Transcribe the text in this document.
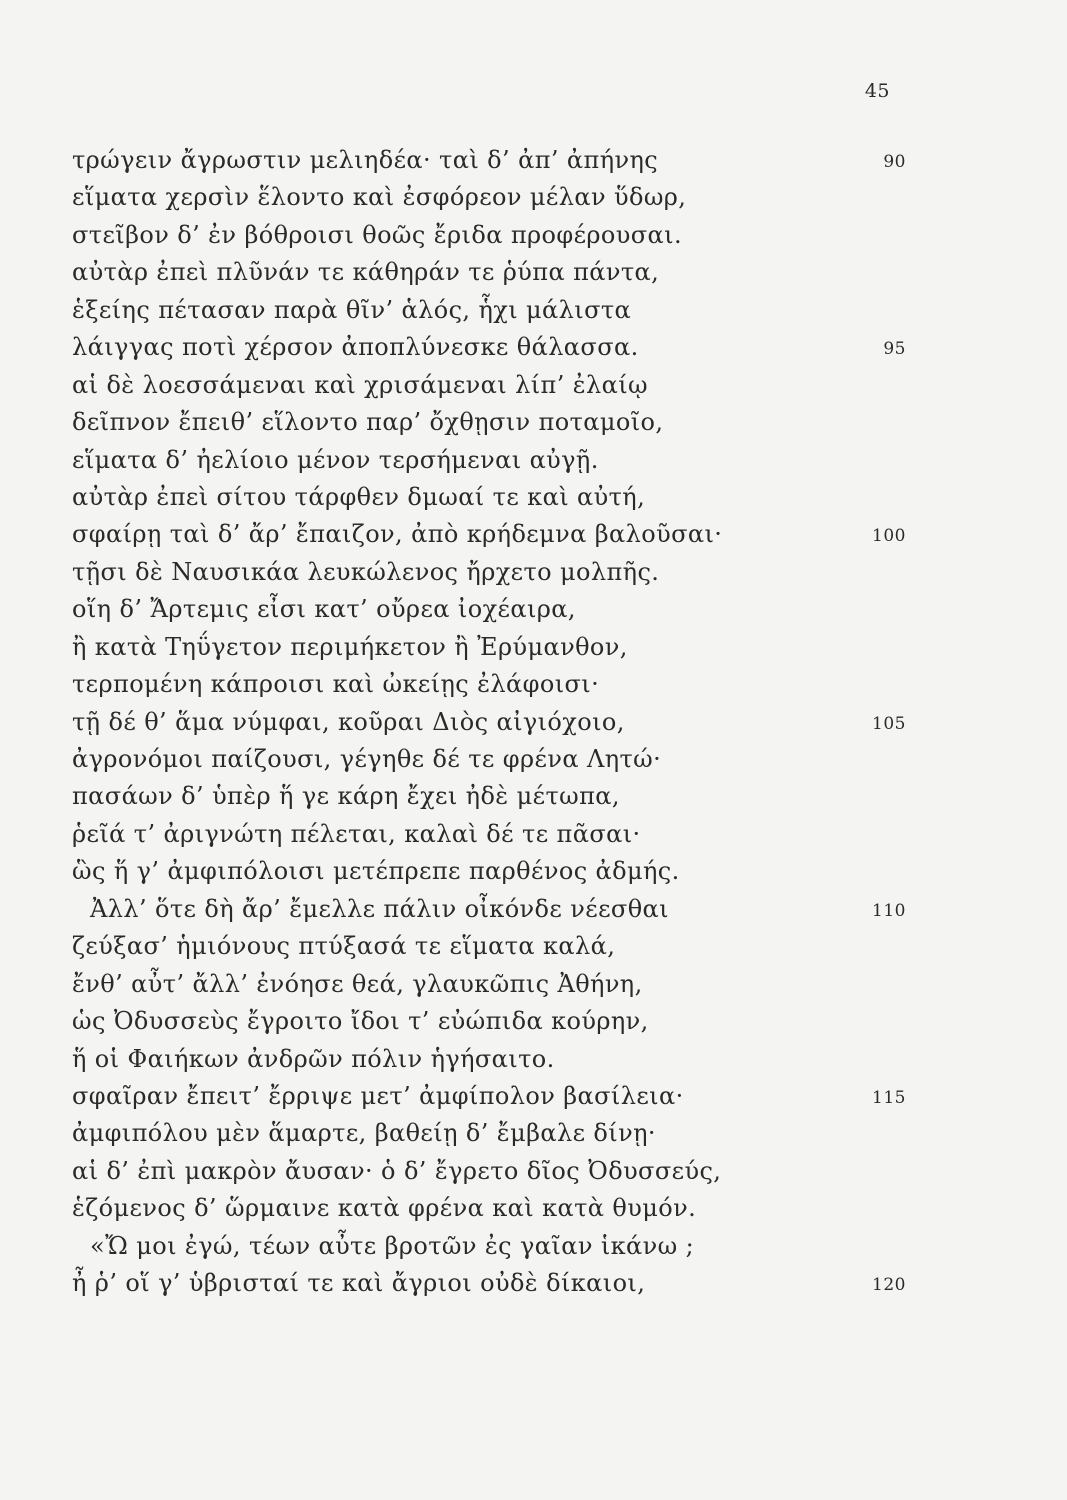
45
τρώγειν ἄγρωστιν μελιηδέα· ταὶ δ’ ἀπ’ ἀπήνης	90
εἵματα χερσὶν ἕλοντο καὶ ἐσφόρεον μέλαν ὕδωρ,
στεῖβον δ’ ἐν βόθροισι θοῶς ἔριδα προφέρουσαι.
αὐτὰρ ἐπεὶ πλῦνάν τε κάθηράν τε ῥύπα πάντα,
ἑξείης πέτασαν παρὰ θῖν’ ἁλός, ἧχι μάλιστα
λάιγγας ποτὶ χέρσον ἀποπλύνεσκε θάλασσα.	95
αἱ δὲ λοεσσάμεναι καὶ χρισάμεναι λίπ’ ἐλαίῳ
δεῖπνον ἔπειθ’ εἵλοντο παρ’ ὄχθῃσιν ποταμοῖο,
εἵματα δ’ ἠελίοιο μένον τερσήμεναι αὐγῇ.
αὐτὰρ ἐπεὶ σίτου τάρφθεν δμωαί τε καὶ αὐτή,
σφαίρῃ ταὶ δ’ ἄρ’ ἔπαιζον, ἀπὸ κρήδεμνα βαλοῦσαι·	100
τῇσι δὲ Ναυσικάα λευκώλενος ἤρχετο μολπῆς.
οἵη δ’ Ἄρτεμις εἶσι κατ’ οὔρεα ἰοχέαιρα,
ἢ κατὰ Τηΰγετον περιμήκετον ἢ Ἐρύμανθον,
τερπομένη κάπροισι καὶ ὠκείῃς ἐλάφοισι·
τῇ δέ θ’ ἅμα νύμφαι, κοῦραι Διὸς αἰγιόχοιο,	105
ἀγρονόμοι παίζουσι, γέγηθε δέ τε φρένα Λητώ·
πασάων δ’ ὑπὲρ ἥ γε κάρη ἔχει ἠδὲ μέτωπα,
ῥεῖά τ’ ἀριγνώτη πέλεται, καλαὶ δέ τε πᾶσαι·
ὣς ἥ γ’ ἀμφιπόλοισι μετέπρεπε παρθένος ἀδμής.
Ἀλλ’ ὅτε δὴ ἄρ’ ἔμελλε πάλιν οἶκόνδε νέεσθαι	110
ζεύξασ’ ἡμιόνους πτύξασά τε εἵματα καλά,
ἔνθ’ αὖτ’ ἄλλ’ ἐνόησε θεά, γλαυκῶπις Ἀθήνη,
ὡς Ὀδυσσεὺς ἔγροιτο ἴδοι τ’ εὐώπιδα κούρην,
ἥ οἱ Φαιήκων ἀνδρῶν πόλιν ἡγήσαιτο.
σφαῖραν ἔπειτ’ ἔρριψε μετ’ ἀμφίπολον βασίλεια·	115
ἀμφιπόλου μὲν ἅμαρτε, βαθείῃ δ’ ἔμβαλε δίνῃ·
αἱ δ’ ἐπὶ μακρὸν ἄυσαν· ὁ δ’ ἔγρετο δῖος Ὀδυσσεύς,
ἑζόμενος δ’ ὥρμαινε κατὰ φρένα καὶ κατὰ θυμόν.
«Ὤ μοι ἐγώ, τέων αὖτε βροτῶν ἐς γαῖαν ἱκάνω ;
ἦ ῥ’ οἵ γ’ ὑβρισταί τε καὶ ἄγριοι οὐδὲ δίκαιοι,	120
